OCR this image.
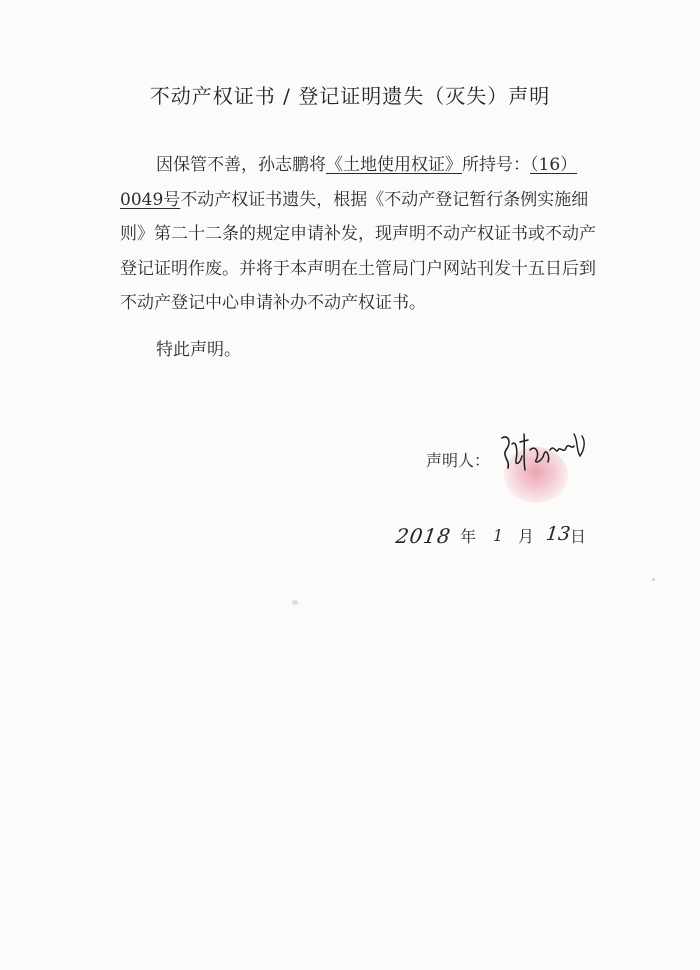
不动产权证书 / 登记证明遗失（灭失）声明

因保管不善，孙志鹏将《土地使用权证》所持号：（16）0049号不动产权证书遗失，根据《不动产登记暂行条例实施细则》第二十二条的规定申请补发，现声明不动产权证书或不动产登记证明作废。并将于本声明在土管局门户网站刊发十五日后到不动产登记中心申请补办不动产权证书。

特此声明。
声明人：
2018 年 1 月 13
日
